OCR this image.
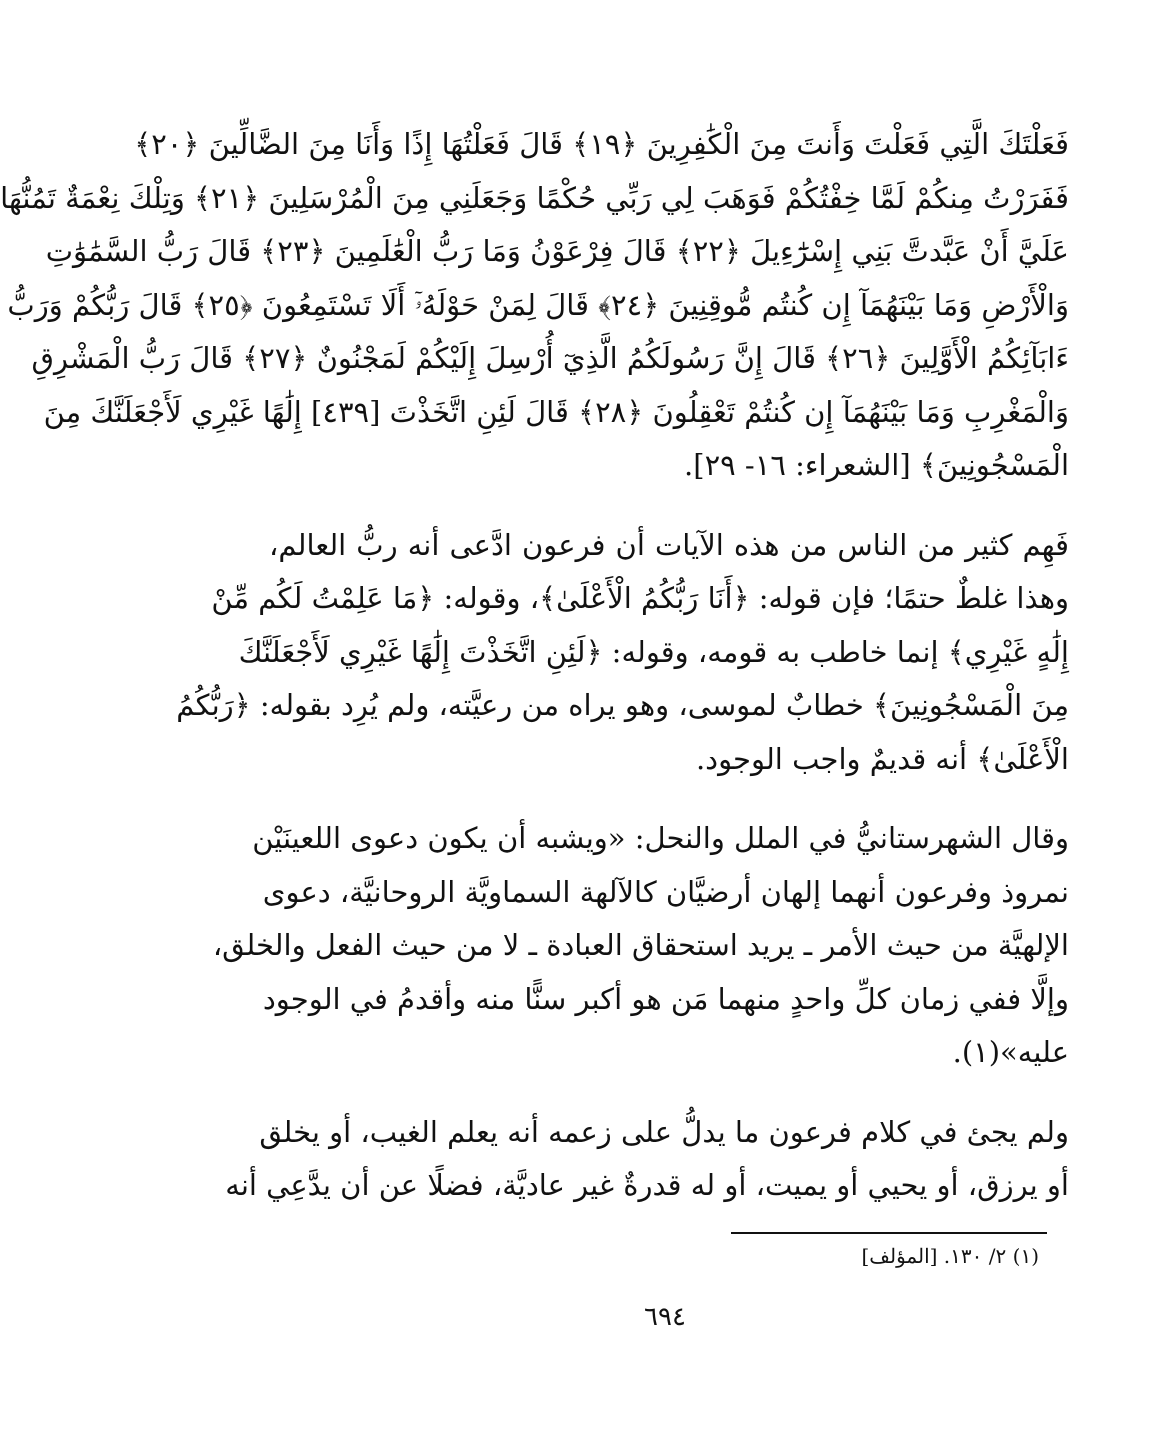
فَعَلْتَكَ الَّتِي فَعَلْتَ وَأَنتَ مِنَ الْكَٰفِرِينَ ﴿١٩﴾ قَالَ فَعَلْتُهَا إِذًا وَأَنَا مِنَ الضَّالِّينَ ﴿٢٠﴾
فَفَرَرْتُ مِنكُمْ لَمَّا خِفْتُكُمْ فَوَهَبَ لِي رَبِّي حُكْمًا وَجَعَلَنِي مِنَ الْمُرْسَلِينَ ﴿٢١﴾ وَتِلْكَ نِعْمَةٌ تَمُنُّهَا
عَلَيَّ أَنْ عَبَّدتَّ بَنِي إِسْرَٰٓءِيلَ ﴿٢٢﴾ قَالَ فِرْعَوْنُ وَمَا رَبُّ الْعَٰلَمِينَ ﴿٢٣﴾ قَالَ رَبُّ السَّمَٰوَٰتِ
وَالْأَرْضِ وَمَا بَيْنَهُمَآ إِن كُنتُم مُّوقِنِينَ ﴿٢٤﴾ قَالَ لِمَنْ حَوْلَهُۥٓ أَلَا تَسْتَمِعُونَ ﴿٢٥﴾ قَالَ رَبُّكُمْ وَرَبُّ
ءَابَآئِكُمُ الْأَوَّلِينَ ﴿٢٦﴾ قَالَ إِنَّ رَسُولَكُمُ الَّذِيٓ أُرْسِلَ إِلَيْكُمْ لَمَجْنُونٌ ﴿٢٧﴾ قَالَ رَبُّ الْمَشْرِقِ
وَالْمَغْرِبِ وَمَا بَيْنَهُمَآ إِن كُنتُمْ تَعْقِلُونَ ﴿٢٨﴾ قَالَ لَئِنِ اتَّخَذْتَ [٤٣٩] إِلَٰهًا غَيْرِي لَأَجْعَلَنَّكَ مِنَ
الْمَسْجُونِينَ﴾ [الشعراء: ١٦- ٢٩].
فَهِم كثير من الناس من هذه الآيات أن فرعون ادَّعى أنه ربُّ العالم،
وهذا غلطٌ حتمًا؛ فإن قوله: ﴿أَنَا رَبُّكُمُ الْأَعْلَىٰ﴾، وقوله: ﴿مَا عَلِمْتُ لَكُم مِّنْ
إِلَٰهٍ غَيْرِي﴾ إنما خاطب به قومه، وقوله: ﴿لَئِنِ اتَّخَذْتَ إِلَٰهًا غَيْرِي لَأَجْعَلَنَّكَ
مِنَ الْمَسْجُونِينَ﴾ خطابٌ لموسى، وهو يراه من رعيَّته، ولم يُرِد بقوله: ﴿رَبُّكُمُ
الْأَعْلَىٰ﴾ أنه قديمٌ واجب الوجود.
وقال الشهرستانيُّ في الملل والنحل: «ويشبه أن يكون دعوى اللعينَيْن
نمروذ وفرعون أنهما إلهان أرضيَّان كالآلهة السماويَّة الروحانيَّة، دعوى
الإلهيَّة من حيث الأمر ـ يريد استحقاق العبادة ـ لا من حيث الفعل والخلق،
وإلَّا ففي زمان كلِّ واحدٍ منهما مَن هو أكبر سنًّا منه وأقدمُ في الوجود
عليه»(١).
ولم يجئ في كلام فرعون ما يدلُّ على زعمه أنه يعلم الغيب، أو يخلق
أو يرزق، أو يحيي أو يميت، أو له قدرةٌ غير عاديَّة، فضلًا عن أن يدَّعِي أنه
(١) ٢/ ١٣٠. [المؤلف]
٦٩٤
